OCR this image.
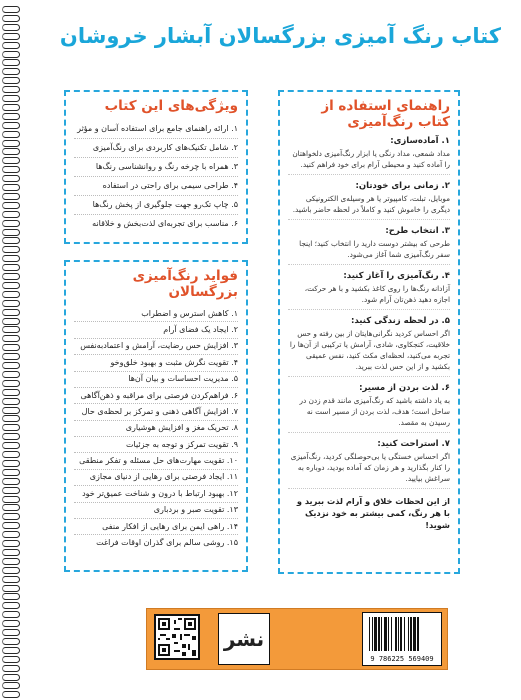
کتاب رنگ آمیزی بزرگسالان آبشار خروشان
ویژگی‌های این کتاب
۱. ارائه راهنمای جامع برای استفاده آسان و مؤثر
۲. شامل تکنیک‌های کاربردی برای رنگ‌آمیزی
۳. همراه با چرخه رنگ و روانشناسی رنگ‌ها
۴. طراحی سیمی برای راحتی در استفاده
۵. چاپ تک‌رو جهت جلوگیری از پخش رنگ‌ها
۶. مناسب برای تجربه‌ای لذت‌بخش و خلاقانه
فواید رنگ‌آمیزی بزرگسالان
۱. کاهش استرس و اضطراب
۲. ایجاد یک فضای آرام
۳. افزایش حس رضایت، آرامش و اعتمادبه‌نفس
۴. تقویت نگرش مثبت و بهبود خلق‌وخو
۵. مدیریت احساسات و بیان آن‌ها
۶. فراهم‌کردن فرصتی برای مراقبه و ذهن‌آگاهی
۷. افزایش آگاهی ذهنی و تمرکز بر لحظه‌ی حال
۸. تحریک مغز و افزایش هوشیاری
۹. تقویت تمرکز و توجه به جزئیات
۱۰. تقویت مهارت‌های حل مسئله و تفکر منطقی
۱۱. ایجاد فرصتی برای رهایی از دنیای مجازی
۱۲. بهبود ارتباط با درون و شناخت عمیق‌تر خود
۱۳. تقویت صبر و بردباری
۱۴. راهی ایمن برای رهایی از افکار منفی
۱۵. روشی سالم برای گذران اوقات فراغت
راهنمای استفاده از کتاب رنگ‌آمیزی
۱. آماده‌سازی:
مداد شمعی، مداد رنگی یا ابزار رنگ‌آمیزی دلخواهتان را آماده کنید و محیطی آرام برای خود فراهم کنید.
۲. زمانی برای خودتان:
موبایل، تبلت، کامپیوتر یا هر وسیله‌ی الکترونیکی دیگری را خاموش کنید و کاملاً در لحظه حاضر باشید.
۳. انتخاب طرح:
طرحی که بیشتر دوست دارید را انتخاب کنید؛ اینجا سفر رنگ‌آمیزی شما آغاز می‌شود.
۴. رنگ‌آمیزی را آغاز کنید:
آزادانه رنگ‌ها را روی کاغذ بکشید و با هر حرکت، اجازه دهید ذهن‌تان آرام شود.
۵. در لحظه زندگی کنید:
اگر احساس کردید نگرانی‌هایتان از بین رفته و حس خلاقیت، کنجکاوی، شادی، آرامش یا ترکیبی از آن‌ها را تجربه می‌کنید، لحظه‌ای مکث کنید، نفس عمیقی بکشید و از این حس لذت ببرید.
۶. لذت بردن از مسیر:
به یاد داشته باشید که رنگ‌آمیزی مانند قدم زدن در ساحل است؛ هدف، لذت بردن از مسیر است نه رسیدن به مقصد.
۷. استراحت کنید:
اگر احساس خستگی یا بی‌حوصلگی کردید، رنگ‌آمیزی را کنار بگذارید و هر زمان که آماده بودید، دوباره به سراغش بیایید.
از این لحظات خلاق و آرام لذت ببرید و با هر رنگ، کمی بیشتر به خود نزدیک شوید!
نشر
9 786225 569409
